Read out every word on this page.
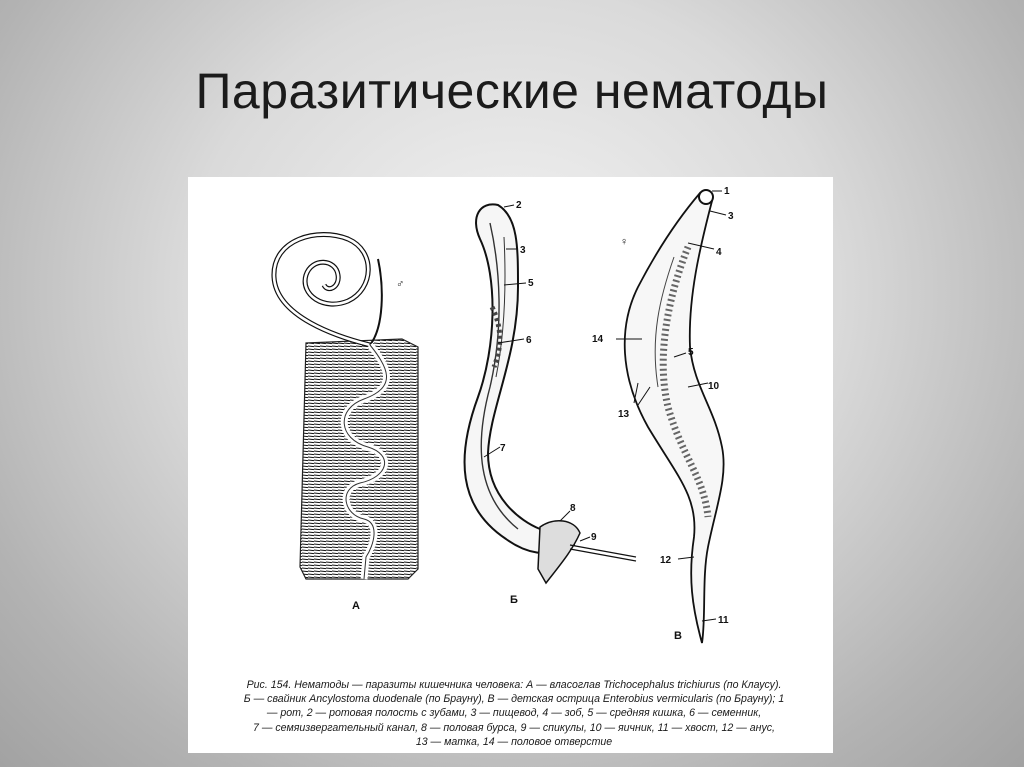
Паразитические нематоды
♂
А
2
3
5
6
7
8
9
Б
1
3
4
14
5
10
13
12
11
♀
В
Рис. 154. Нематоды — паразиты кишечника человека: А — власоглав Trichocephalus trichiurus (по Клаусу).
Б — свайник Ancylostoma duodenale (по Брауну), В — детская острица Enterobius vermicularis (по Брауну); 1
— рот, 2 — ротовая полость с зубами, 3 — пищевод, 4 — зоб, 5 — средняя кишка, 6 — семенник,
7 — семяизвергательный канал, 8 — половая бурса, 9 — спикулы, 10 — яичник, 11 — хвост, 12 — анус,
13 — матка, 14 — половое отверстие
